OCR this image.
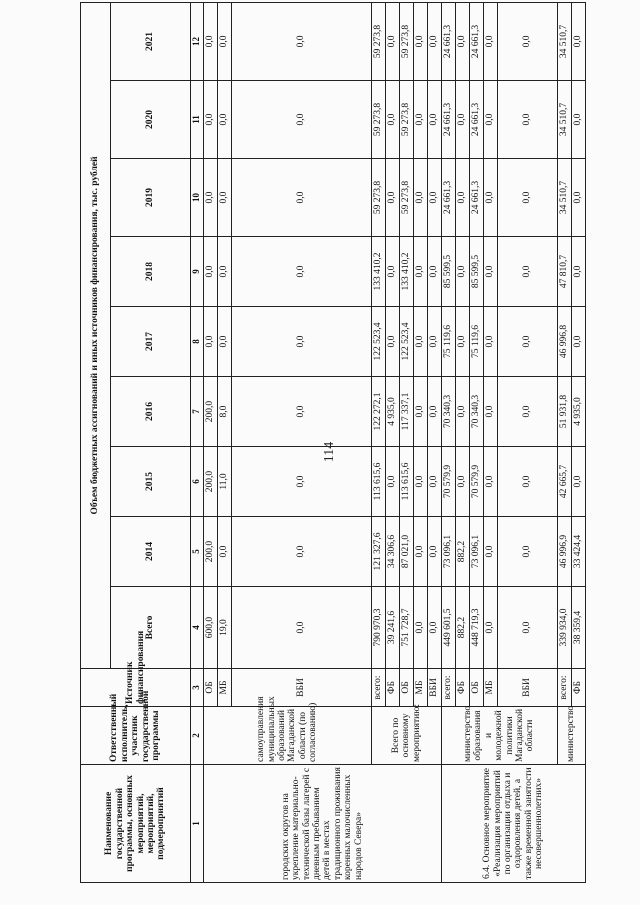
114
Наименование государственной программы, основных мероприятий, мероприятий, подмероприятий	Ответственный исполнитель, участник государственной программы	Источник финансирования	Объем бюджетных ассигнований и иных источников финансирования, тыс. рублей								
			Всего	2014	2015	2016	2017	2018	2019	2020	2021
1	2	3	4	5	6	7	8	9	10	11	12
городских округов на укрепление материально-технической базы лагерей с дневным пребыванием детей в местах традиционного проживания коренных малочисленных народов Севера»	самоуправления муниципальных образований Магаданской области (по согласованию)	ОБ	600,0	200,0	200,0	200,0	0,0	0,0	0,0	0,0	0,0
		МБ	19,0	0,0	11,0	8,0	0,0	0,0	0,0	0,0	0,0
		ВБИ	0,0	0,0	0,0	0,0	0,0	0,0	0,0	0,0	0,0
	Всего по основному мероприятию:	всего:	790 970,3	121 327,6	113 615,6	122 272,1	122 523,4	133 410,2	59 273,8	59 273,8	59 273,8
		ФБ	39 241,6	34 306,6	0,0	4 935,0	0,0	0,0	0,0	0,0	0,0
		ОБ	751 728,7	87 021,0	113 615,6	117 337,1	122 523,4	133 410,2	59 273,8	59 273,8	59 273,8
		МБ	0,0	0,0	0,0	0,0	0,0	0,0	0,0	0,0	0,0
		ВБИ	0,0	0,0	0,0	0,0	0,0	0,0	0,0	0,0	0,0
6.4. Основное мероприятие «Реализация мероприятий по организации отдыха и оздоровления детей, а также временной занятости несовершеннолетних»	министерство образования и молодежной политики Магаданской области	всего:	449 601,5	73 096,1	70 579,9	70 340,3	75 119,6	85 599,5	24 661,3	24 661,3	24 661,3
		ФБ	882,2	882,2	0,0	0,0	0,0	0,0	0,0	0,0	0,0
		ОБ	448 719,3	73 096,1	70 579,9	70 340,3	75 119,6	85 599,5	24 661,3	24 661,3	24 661,3
		МБ	0,0	0,0	0,0	0,0	0,0	0,0	0,0	0,0	0,0
		ВБИ	0,0	0,0	0,0	0,0	0,0	0,0	0,0	0,0	0,0
	министерство	всего:	339 934,0	46 996,9	42 665,7	51 931,8	46 996,8	47 810,7	34 510,7	34 510,7	34 510,7
		ФБ	38 359,4	33 424,4	0,0	4 935,0	0,0	0,0	0,0	0,0	0,0
